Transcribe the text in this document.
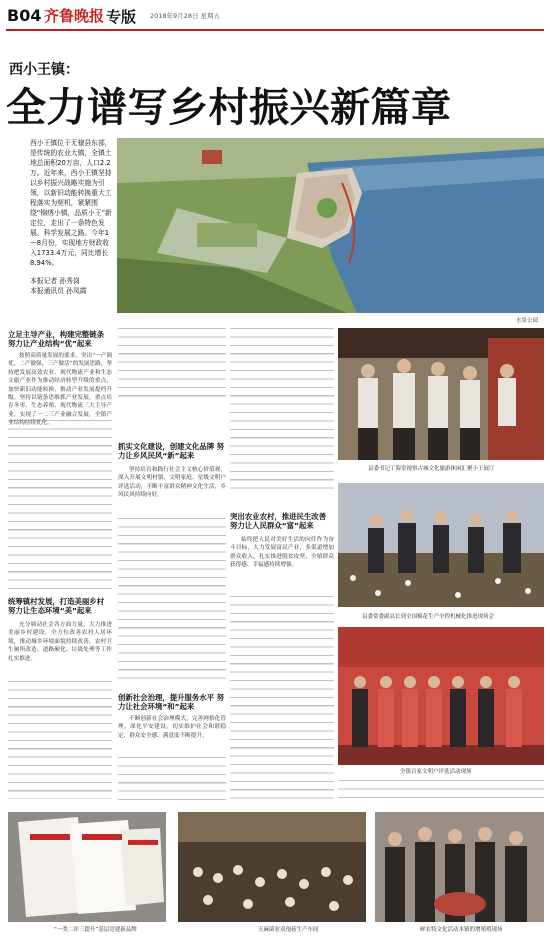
B04 齐鲁晚报 专版 2018年9月28日 星期五
西小王镇：
全力谱写乡村振兴新篇章

西小王镇位于无棣县东部，是传统的农业大镇，全镇土地总面积20万亩，人口2.2万。近年来，西小王镇坚持以乡村振兴战略实施为引领，以新旧动能转换重大工程落实为契机，紧紧围绕“锦绣小镇，品质小王”新定位，走出了一条特色发展、科学发展之路。今年1—8月份，实现地方财政收入1733.4万元，同比增长8.94%。

本报记者 孙秀岗

本报通讯员 孙凤霞

水景公园
县委书记丁海堂视察古城文化旅游休闲汇聚小王展厅
县委常委副县长到全国棉花生产全程机械化推进现场会
全镇百家文明户评选活动现场
“一类二评三提升”基层党建新品牌	天麻菌业双孢菇生产车间	鲜农特文化活动本镇的增殖殖现场
立足主导产业，构建完整链条 努力让产业结构“优”起来

按照高质量发展的要求，突出“一产调优，二产做强，三产做活”的发展思路，坚持把发展高效农业、现代物流产业和生态文旅产业作为推动经济转型升级的重点，加快新旧动能转换，推动产业发展提档升级。坚持以链条思维抓产业发展，重点培育冬枣、生态养殖、现代物流三大主导产业，实现了一二三产业融合发展，全镇产业结构持续优化。

统筹镇村发展，打造美丽乡村 努力让生态环境“美”起来

充分调动社会各方面力量，大力推进美丽乡村建设，全方位改善农村人居环境，推动城乡环境面貌持续改善，农村卫生厕所改造、道路硬化、垃圾处理等工作扎实推进。

抓实文化建设，创建文化品牌 努力让乡风民风“新”起来

坚持培育和践行社会主义核心价值观，深入开展文明村镇、文明家庭、星级文明户评选活动，不断丰富群众精神文化生活，乡风民风持续向好。

创新社会治理，提升服务水平 努力让社会环境“和”起来

不断创新社会治理模式，完善网格化管理，深化平安建设，切实维护社会和谐稳定，群众安全感、满意度不断提升。

突出农业农村，推进民生改善 努力让人民群众“富”起来

始终把人民对美好生活的向往作为奋斗目标，大力发展富民产业，多渠道增加群众收入，扎实推进脱贫攻坚，全镇群众获得感、幸福感持续增强。
